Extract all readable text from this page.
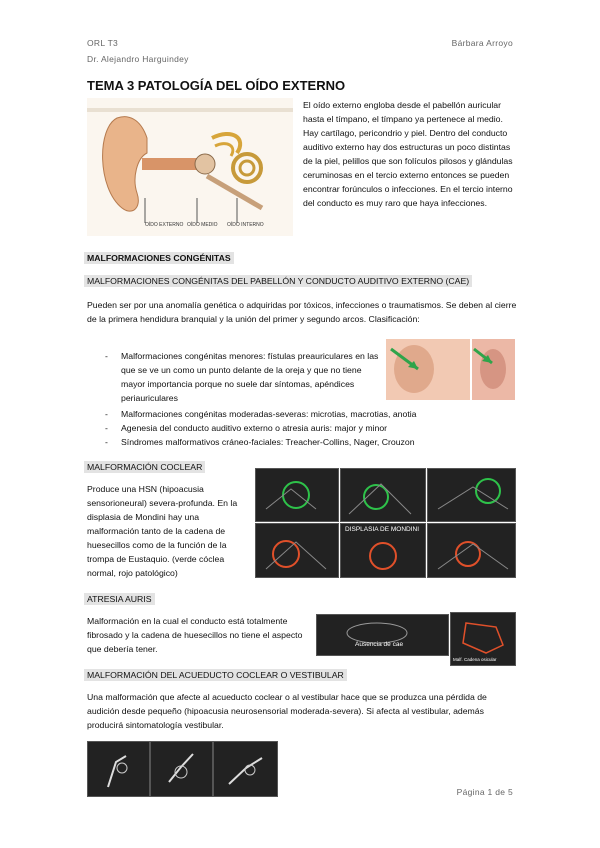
ORL T3
Dr. Alejandro Harguindey
Bárbara Arroyo
TEMA 3 PATOLOGÍA DEL OÍDO EXTERNO
OÍDO EXTERNO OÍDO MEDIO OÍDO INTERNO
El oído externo engloba desde el pabellón auricular hasta el tímpano, el tímpano ya pertenece al medio. Hay cartílago, pericondrio y piel. Dentro del conducto auditivo externo hay dos estructuras un poco distintas de la piel, pelillos que son folículos pilosos y glándulas ceruminosas en el tercio externo entonces se pueden encontrar forúnculos o infecciones. En el tercio interno del conducto es muy raro que haya infecciones.
MALFORMACIONES CONGÉNITAS
MALFORMACIONES CONGÉNITAS DEL PABELLÓN Y CONDUCTO AUDITIVO EXTERNO (CAE)
Pueden ser por una anomalía genética o adquiridas por tóxicos, infecciones o traumatismos. Se deben al cierre de la primera hendidura branquial y la unión del primer y segundo arcos. Clasificación:
- Malformaciones congénitas menores: fístulas preauriculares en las que se ve un como un punto delante de la oreja y que no tiene mayor importancia porque no suele dar síntomas, apéndices periauriculares
- Malformaciones congénitas moderadas-severas: microtias, macrotias, anotia
- Agenesia del conducto auditivo externo o atresia auris: major y minor
- Síndromes malformativos cráneo-faciales: Treacher-Collins, Nager, Crouzon
MALFORMACIÓN COCLEAR
Produce una HSN (hipoacusia sensorioneural) severa-profunda. En la displasia de Mondini hay una malformación tanto de la cadena de huesecillos como de la función de la trompa de Eustaquio. (verde cóclea normal, rojo patológico)
DISPLASIA DE MONDINI
ATRESIA AURIS
Malformación en la cual el conducto está totalmente fibrosado y la cadena de huesecillos no tiene el aspecto que debería tener.	Ausencia de cae
Malf. Cadena osicular
MALFORMACIÓN DEL ACUEDUCTO COCLEAR O VESTIBULAR
Una malformación que afecte al acueducto coclear o al vestibular hace que se produzca una pérdida de audición desde pequeño (hipoacusia neurosensorial moderada-severa). Si afecta al vestibular, además producirá sintomatología vestibular.
Página 1 de 5
